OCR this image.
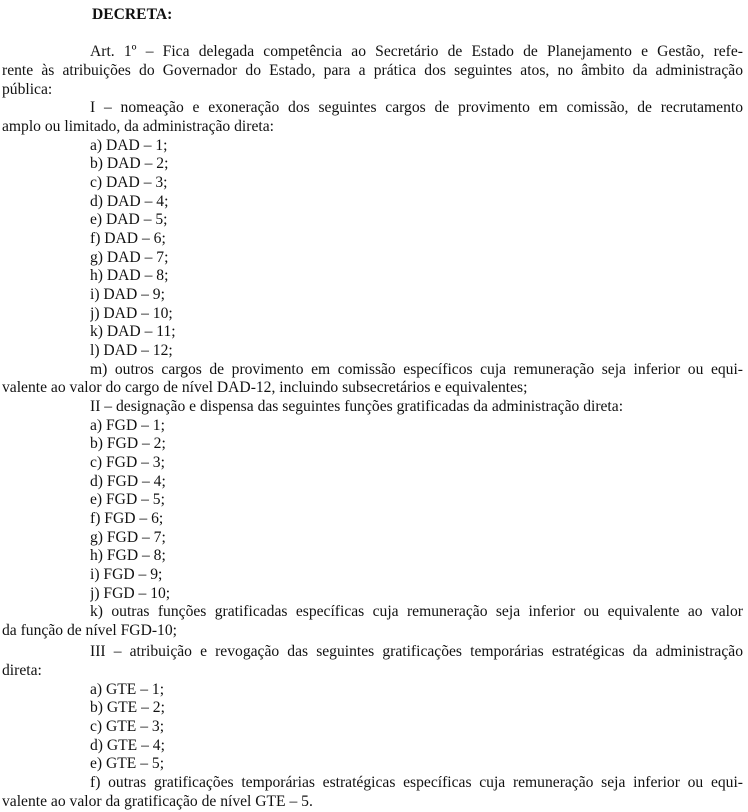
DECRETA:
Art. 1º – Fica delegada competência ao Secretário de Estado de Planejamento e Gestão, refe-
rente às atribuições do Governador do Estado, para a prática dos seguintes atos, no âmbito da administração
pública:
I – nomeação e exoneração dos seguintes cargos de provimento em comissão, de recrutamento
amplo ou limitado, da administração direta:
a) DAD – 1;
b) DAD – 2;
c) DAD – 3;
d) DAD – 4;
e) DAD – 5;
f) DAD – 6;
g) DAD – 7;
h) DAD – 8;
i) DAD – 9;
j) DAD – 10;
k) DAD – 11;
l) DAD – 12;
m) outros cargos de provimento em comissão específicos cuja remuneração seja inferior ou equi-
valente ao valor do cargo de nível DAD-12, incluindo subsecretários e equivalentes;
II – designação e dispensa das seguintes funções gratificadas da administração direta:
a) FGD – 1;
b) FGD – 2;
c) FGD – 3;
d) FGD – 4;
e) FGD – 5;
f) FGD – 6;
g) FGD – 7;
h) FGD – 8;
i) FGD – 9;
j) FGD – 10;
k) outras funções gratificadas específicas cuja remuneração seja inferior ou equivalente ao valor
da função de nível FGD-10;
III – atribuição e revogação das seguintes gratificações temporárias estratégicas da administração
direta:
a) GTE – 1;
b) GTE – 2;
c) GTE – 3;
d) GTE – 4;
e) GTE – 5;
f) outras gratificações temporárias estratégicas específicas cuja remuneração seja inferior ou equi-
valente ao valor da gratificação de nível GTE – 5.
